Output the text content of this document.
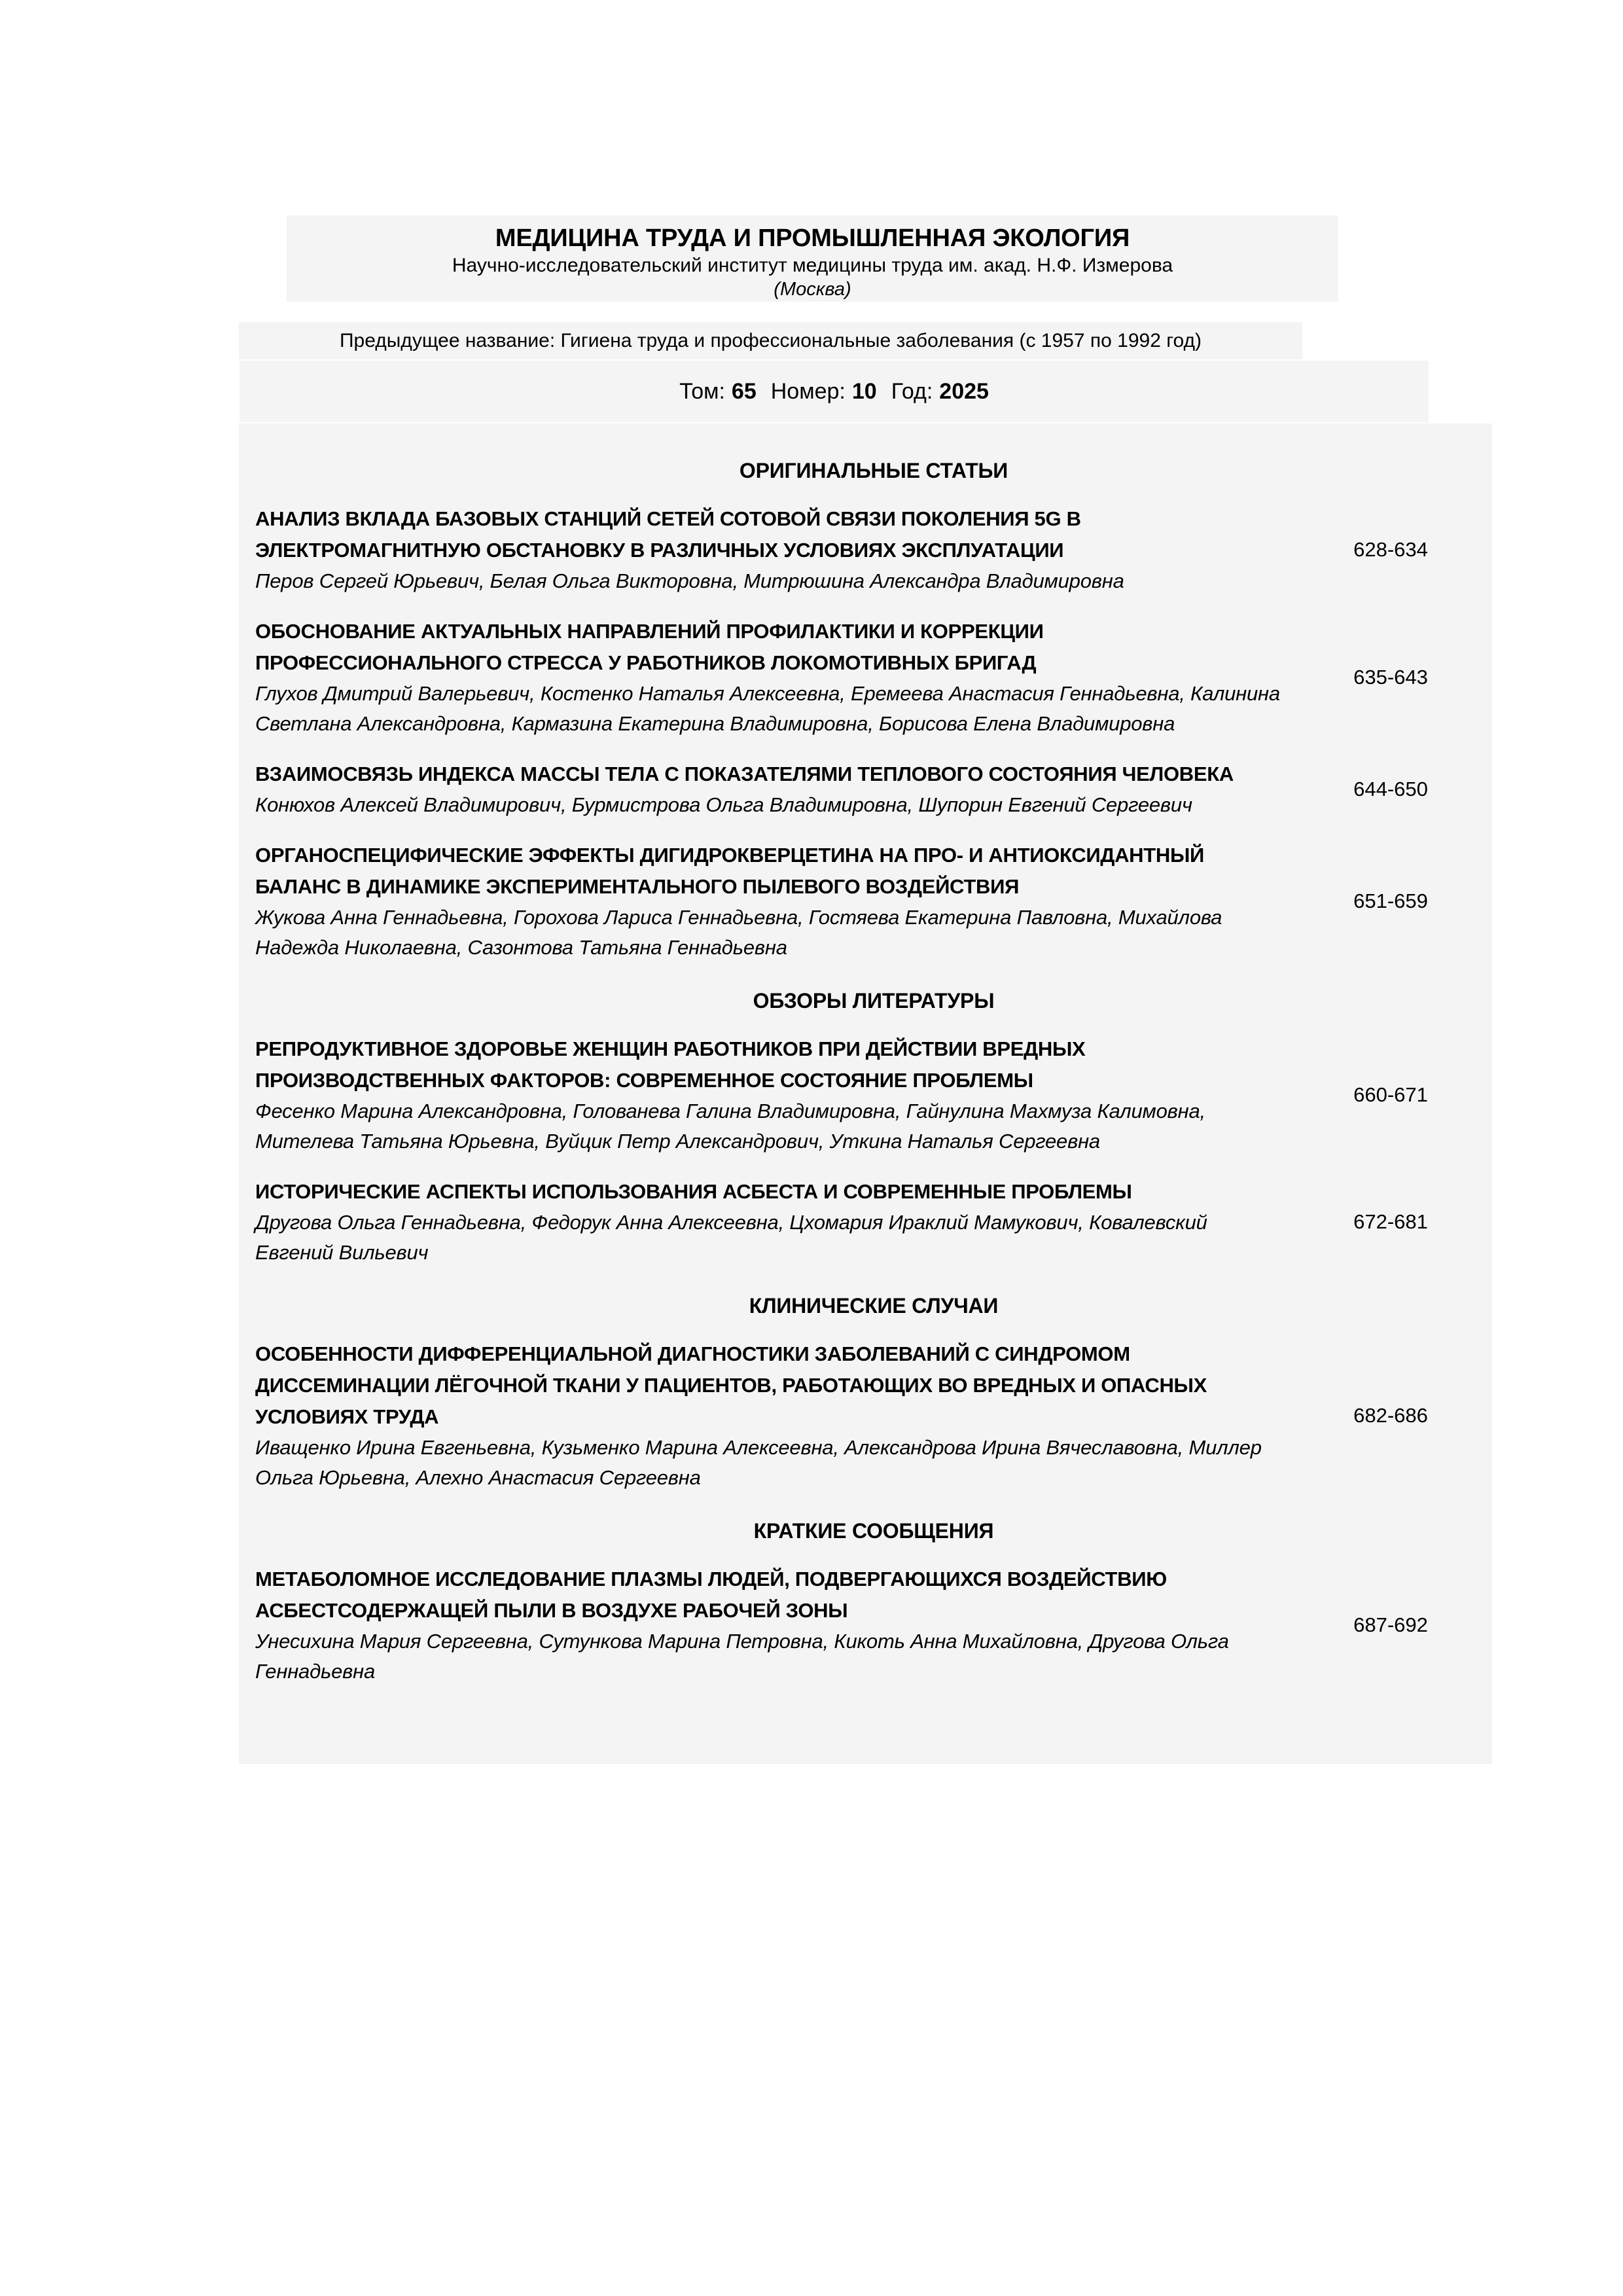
МЕДИЦИНА ТРУДА И ПРОМЫШЛЕННАЯ ЭКОЛОГИЯ
Научно-исследовательский институт медицины труда им. акад. Н.Ф. Измерова
(Москва)
Предыдущее название: Гигиена труда и профессиональные заболевания (с 1957 по 1992 год)
Том: 65 Номер: 10 Год: 2025
ОРИГИНАЛЬНЫЕ СТАТЬИ
АНАЛИЗ ВКЛАДА БАЗОВЫХ СТАНЦИЙ СЕТЕЙ СОТОВОЙ СВЯЗИ ПОКОЛЕНИЯ 5G В ЭЛЕКТРОМАГНИТНУЮ ОБСТАНОВКУ В РАЗЛИЧНЫХ УСЛОВИЯХ ЭКСПЛУАТАЦИИ
Перов Сергей Юрьевич, Белая Ольга Викторовна, Митрюшина Александра Владимировна
628-634
ОБОСНОВАНИЕ АКТУАЛЬНЫХ НАПРАВЛЕНИЙ ПРОФИЛАКТИКИ И КОРРЕКЦИИ ПРОФЕССИОНАЛЬНОГО СТРЕССА У РАБОТНИКОВ ЛОКОМОТИВНЫХ БРИГАД
Глухов Дмитрий Валерьевич, Костенко Наталья Алексеевна, Еремеева Анастасия Геннадьевна, Калинина Светлана Александровна, Кармазина Екатерина Владимировна, Борисова Елена Владимировна
635-643
ВЗАИМОСВЯЗЬ ИНДЕКСА МАССЫ ТЕЛА С ПОКАЗАТЕЛЯМИ ТЕПЛОВОГО СОСТОЯНИЯ ЧЕЛОВЕКА
Конюхов Алексей Владимирович, Бурмистрова Ольга Владимировна, Шупорин Евгений Сергеевич
644-650
ОРГАНОСПЕЦИФИЧЕСКИЕ ЭФФЕКТЫ ДИГИДРОКВЕРЦЕТИНА НА ПРО- И АНТИОКСИДАНТНЫЙ БАЛАНС В ДИНАМИКЕ ЭКСПЕРИМЕНТАЛЬНОГО ПЫЛЕВОГО ВОЗДЕЙСТВИЯ
Жукова Анна Геннадьевна, Горохова Лариса Геннадьевна, Гостяева Екатерина Павловна, Михайлова Надежда Николаевна, Сазонтова Татьяна Геннадьевна
651-659
ОБЗОРЫ ЛИТЕРАТУРЫ
РЕПРОДУКТИВНОЕ ЗДОРОВЬЕ ЖЕНЩИН РАБОТНИКОВ ПРИ ДЕЙСТВИИ ВРЕДНЫХ ПРОИЗВОДСТВЕННЫХ ФАКТОРОВ: СОВРЕМЕННОЕ СОСТОЯНИЕ ПРОБЛЕМЫ
Фесенко Марина Александровна, Голованева Галина Владимировна, Гайнулина Махмуза Калимовна, Мителева Татьяна Юрьевна, Вуйцик Петр Александрович, Уткина Наталья Сергеевна
660-671
ИСТОРИЧЕСКИЕ АСПЕКТЫ ИСПОЛЬЗОВАНИЯ АСБЕСТА И СОВРЕМЕННЫЕ ПРОБЛЕМЫ
Другова Ольга Геннадьевна, Федорук Анна Алексеевна, Цхомария Ираклий Мамукович, Ковалевский Евгений Вильевич
672-681
КЛИНИЧЕСКИЕ СЛУЧАИ
ОСОБЕННОСТИ ДИФФЕРЕНЦИАЛЬНОЙ ДИАГНОСТИКИ ЗАБОЛЕВАНИЙ С СИНДРОМОМ ДИССЕМИНАЦИИ ЛЁГОЧНОЙ ТКАНИ У ПАЦИЕНТОВ, РАБОТАЮЩИХ ВО ВРЕДНЫХ И ОПАСНЫХ УСЛОВИЯХ ТРУДА
Иващенко Ирина Евгеньевна, Кузьменко Марина Алексеевна, Александрова Ирина Вячеславовна, Миллер Ольга Юрьевна, Алехно Анастасия Сергеевна
682-686
КРАТКИЕ СООБЩЕНИЯ
МЕТАБОЛОМНОЕ ИССЛЕДОВАНИЕ ПЛАЗМЫ ЛЮДЕЙ, ПОДВЕРГАЮЩИХСЯ ВОЗДЕЙСТВИЮ АСБЕСТСОДЕРЖАЩЕЙ ПЫЛИ В ВОЗДУХЕ РАБОЧЕЙ ЗОНЫ
Унесихина Мария Сергеевна, Сутункова Марина Петровна, Кикоть Анна Михайловна, Другова Ольга Геннадьевна
687-692
